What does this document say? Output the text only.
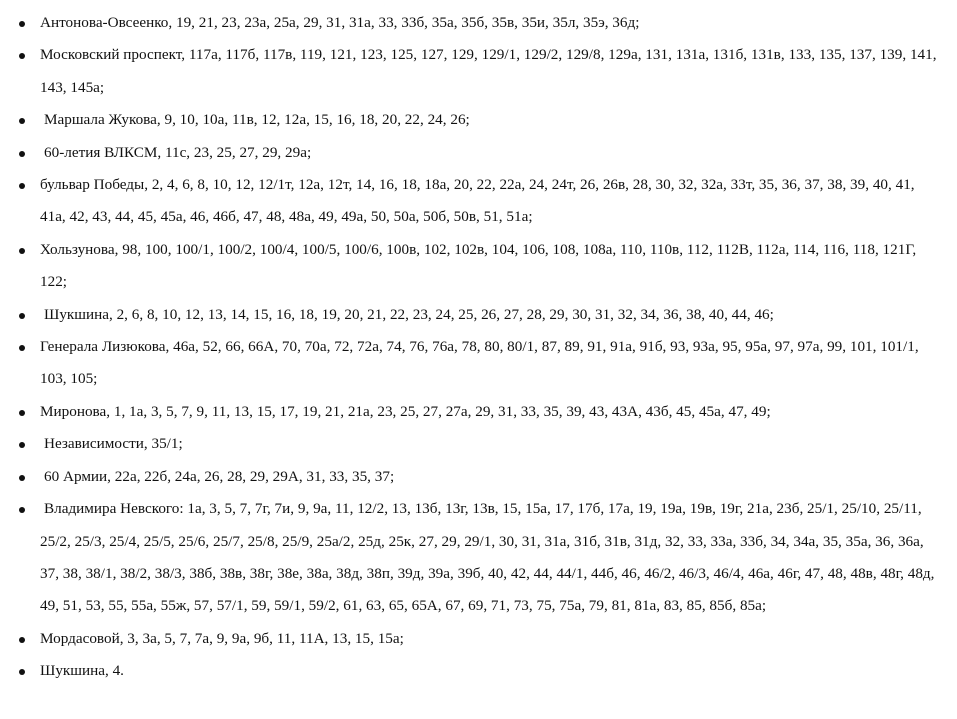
Антонова-Овсеенко, 19, 21, 23, 23а, 25а, 29, 31, 31а, 33, 33б, 35а, 35б, 35в, 35и, 35л, 35э, 36д;
Московский проспект, 117а, 117б, 117в, 119, 121, 123, 125, 127, 129, 129/1, 129/2, 129/8, 129а, 131, 131а, 131б, 131в, 133, 135, 137, 139, 141, 143, 145а;
Маршала Жукова, 9, 10, 10а, 11в, 12, 12а, 15, 16, 18, 20, 22, 24, 26;
60-летия ВЛКСМ, 11с, 23, 25, 27, 29, 29а;
бульвар Победы, 2, 4, 6, 8, 10, 12, 12/1т, 12а, 12т, 14, 16, 18, 18а, 20, 22, 22а, 24, 24т, 26, 26в, 28, 30, 32, 32а, 33т, 35, 36, 37, 38, 39, 40, 41, 41а, 42, 43, 44, 45, 45а, 46, 46б, 47, 48, 48а, 49, 49а, 50, 50а, 50б, 50в, 51, 51а;
Хользунова, 98, 100, 100/1, 100/2, 100/4, 100/5, 100/6, 100в, 102, 102в, 104, 106, 108, 108а, 110, 110в, 112, 112В, 112а, 114, 116, 118, 121Г, 122;
Шукшина, 2, 6, 8, 10, 12, 13, 14, 15, 16, 18, 19, 20, 21, 22, 23, 24, 25, 26, 27, 28, 29, 30, 31, 32, 34, 36, 38, 40, 44, 46;
Генерала Лизюкова, 46а, 52, 66, 66А, 70, 70а, 72, 72а, 74, 76, 76а, 78, 80, 80/1, 87, 89, 91, 91а, 91б, 93, 93а, 95, 95а, 97, 97а, 99, 101, 101/1, 103, 105;
Миронова, 1, 1а, 3, 5, 7, 9, 11, 13, 15, 17, 19, 21, 21а, 23, 25, 27, 27а, 29, 31, 33, 35, 39, 43, 43А, 43б, 45, 45а, 47, 49;
Независимости, 35/1;
60 Армии, 22а, 22б, 24а, 26, 28, 29, 29А, 31, 33, 35, 37;
Владимира Невского: 1а, 3, 5, 7, 7г, 7и, 9, 9а, 11, 12/2, 13, 13б, 13г, 13в, 15, 15а, 17, 17б, 17а, 19, 19а, 19в, 19г, 21а, 23б, 25/1, 25/10, 25/11, 25/2, 25/3, 25/4, 25/5, 25/6, 25/7, 25/8, 25/9, 25а/2, 25д, 25к, 27, 29, 29/1, 30, 31, 31а, 31б, 31в, 31д, 32, 33, 33а, 33б, 34, 34а, 35, 35а, 36, 36а, 37, 38, 38/1, 38/2, 38/3, 38б, 38в, 38г, 38е, 38а, 38д, 38п, 39д, 39а, 39б, 40, 42, 44, 44/1, 44б, 46, 46/2, 46/3, 46/4, 46а, 46г, 47, 48, 48в, 48г, 48д, 49, 51, 53, 55, 55а, 55ж, 57, 57/1, 59, 59/1, 59/2, 61, 63, 65, 65А, 67, 69, 71, 73, 75, 75а, 79, 81, 81а, 83, 85, 85б, 85а;
Мордасовой, 3, 3а, 5, 7, 7а, 9, 9а, 9б, 11, 11А, 13, 15, 15а;
Шукшина, 4.
